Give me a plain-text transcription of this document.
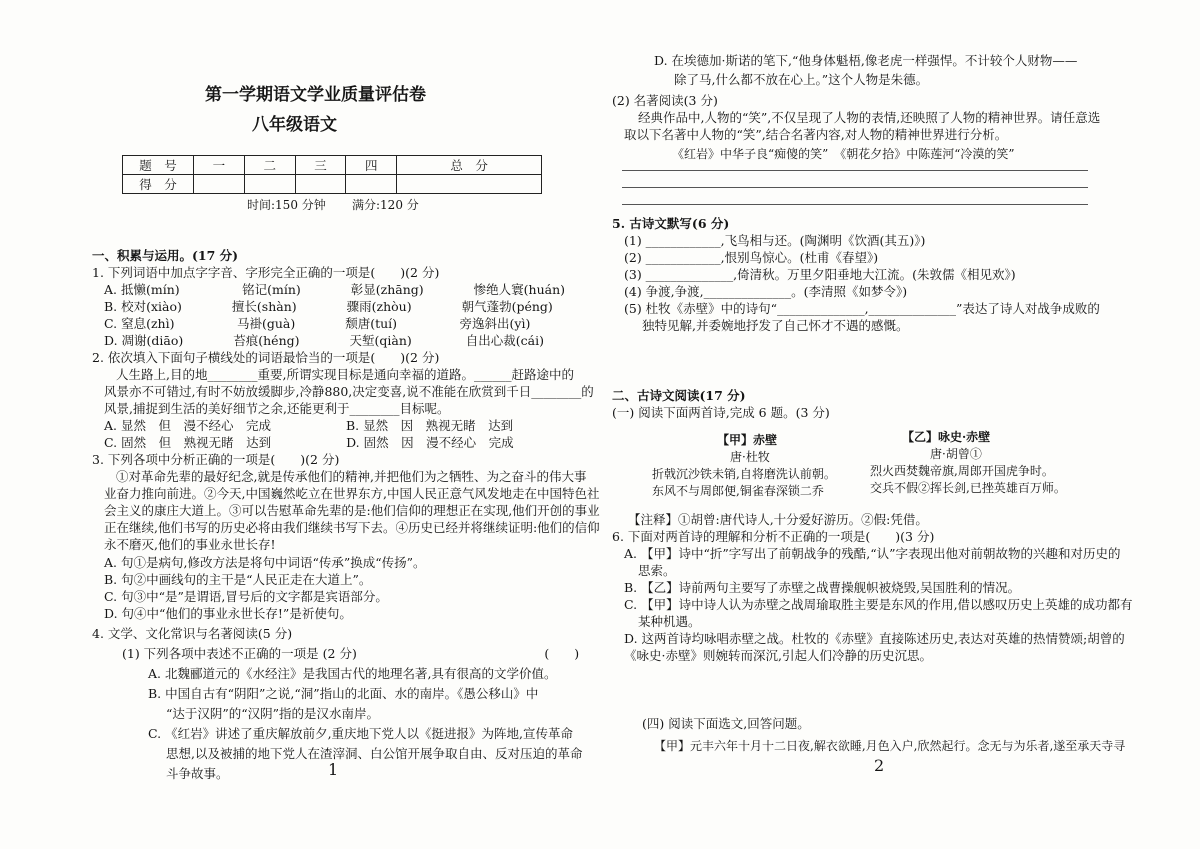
第一学期语文学业质量评估卷
八年级语文
题　号	一	二	三	四	总　分
得　分					
时间:150 分钟 满分:120 分
一、积累与运用。(17 分)
1. 下列词语中加点字字音、字形完全正确的一项是(　　)(2 分)
A. 抵懒(mín)　　　　　铭记(mín)　　　　彰显(zhāng)　　　　惨绝人寰(huán)
B. 校对(xiào)　　　　擅长(shàn)　　　　骤雨(zhòu)　　　　朝气蓬勃(péng)
C. 窒息(zhì)　　　　　马褂(guà)　　　　颓唐(tuí)　　　　　旁逸斜出(yì)
D. 凋谢(diāo)　　　　苔痕(héng)　　　　天堑(qiàn)　　　　 自出心裁(cái)
2. 依次填入下面句子横线处的词语最恰当的一项是(　　)(2 分)
人生路上,目的地________重要,所谓实现目标是通向幸福的道路。______赶路途中的
风景亦不可错过,有时不妨放缓脚步,冷静880,决定变喜,说不准能在欣赏到千日________的
风景,捕捉到生活的美好细节之余,还能更利于________目标呢。
A. 显然　但　漫不经心　完成　　　　　　B. 显然　因　熟视无睹　达到
C. 固然　但　熟视无睹　达到　　　　　　D. 固然　因　漫不经心　完成
3. 下列各项中分析正确的一项是(　　)(2 分)
①对革命先辈的最好纪念,就是传承他们的精神,并把他们为之牺牲、为之奋斗的伟大事
业奋力推向前进。②今天,中国巍然屹立在世界东方,中国人民正意气风发地走在中国特色社
会主义的康庄大道上。③可以告慰革命先辈的是:他们信仰的理想正在实现,他们开创的事业
正在继续,他们书写的历史必将由我们继续书写下去。④历史已经并将继续证明:他们的信仰
永不磨灭,他们的事业永世长存!
A. 句①是病句,修改方法是将句中词语“传承”换成“传扬”。
B. 句②中画线句的主干是“人民正走在大道上”。
C. 句③中“是”是谓语,冒号后的文字都是宾语部分。
D. 句④中“他们的事业永世长存!”是祈使句。
4. 文学、文化常识与名著阅读(5 分)
(1) 下列各项中表述不正确的一项是 (2 分)　　　　　　　　　　　　　　　(　　)
A. 北魏郦道元的《水经注》是我国古代的地理名著,具有很高的文学价值。
B. 中国自古有“阴阳”之说,“洞”指山的北面、水的南岸。《愚公移山》中
“达于汉阴”的“汉阴”指的是汉水南岸。
C. 《红岩》讲述了重庆解放前夕,重庆地下党人以《挺进报》为阵地,宣传革命
思想,以及被捕的地下党人在渣滓洞、白公馆开展争取自由、反对压迫的革命
斗争故事。	1
D. 在埃德加·斯诺的笔下,“他身体魁梧,像老虎一样强悍。不计较个人财物——
除了马,什么都不放在心上。”这个人物是朱德。
(2) 名著阅读(3 分)
经典作品中,人物的“笑”,不仅呈现了人物的表情,还映照了人物的精神世界。请任意选
取以下名著中人物的“笑”,结合名著内容,对人物的精神世界进行分析。
《红岩》中华子良“痴傻的笑”　《朝花夕拾》中陈莲河“冷漠的笑”
5. 古诗文默写(6 分)
(1) ____________,飞鸟相与还。(陶渊明《饮酒(其五)》)
(2) ____________,恨别鸟惊心。(杜甫《春望》)
(3) ______________,倚清秋。万里夕阳垂地大江流。(朱敦儒《相见欢》)
(4) 争渡,争渡,______________。(李清照《如梦令》)
(5) 杜牧《赤壁》中的诗句“______________,______________”表达了诗人对战争成败的
独特见解,并委婉地抒发了自己怀才不遇的感慨。
二、古诗文阅读(17 分)
(一) 阅读下面两首诗,完成 6 题。(3 分)
【甲】赤壁
唐·杜牧
折戟沉沙铁未销,自将磨洗认前朝。
东风不与周郎便,铜雀春深锁二乔
【乙】咏史·赤壁
唐·胡曾①
烈火西焚魏帝旗,周郎开国虎争时。
交兵不假②挥长剑,已挫英雄百万师。
【注释】①胡曾:唐代诗人,十分爱好游历。②假:凭借。
6. 下面对两首诗的理解和分析不正确的一项是(　　)(3 分)
A. 【甲】诗中“折”字写出了前朝战争的残酷,“认”字表现出他对前朝故物的兴趣和对历史的
思索。
B. 【乙】诗前两句主要写了赤壁之战曹操舰帜被烧毁,吴国胜利的情况。
C. 【甲】诗中诗人认为赤壁之战周瑜取胜主要是东风的作用,借以感叹历史上英雄的成功都有
某种机遇。
D. 这两首诗均咏唱赤壁之战。杜牧的《赤壁》直接陈述历史,表达对英雄的热情赞颂;胡曾的
《咏史·赤壁》则婉转而深沉,引起人们冷静的历史沉思。
(四) 阅读下面选文,回答问题。
【甲】元丰六年十月十二日夜,解衣欲睡,月色入户,欣然起行。念无与为乐者,遂至承天寺寻
2
